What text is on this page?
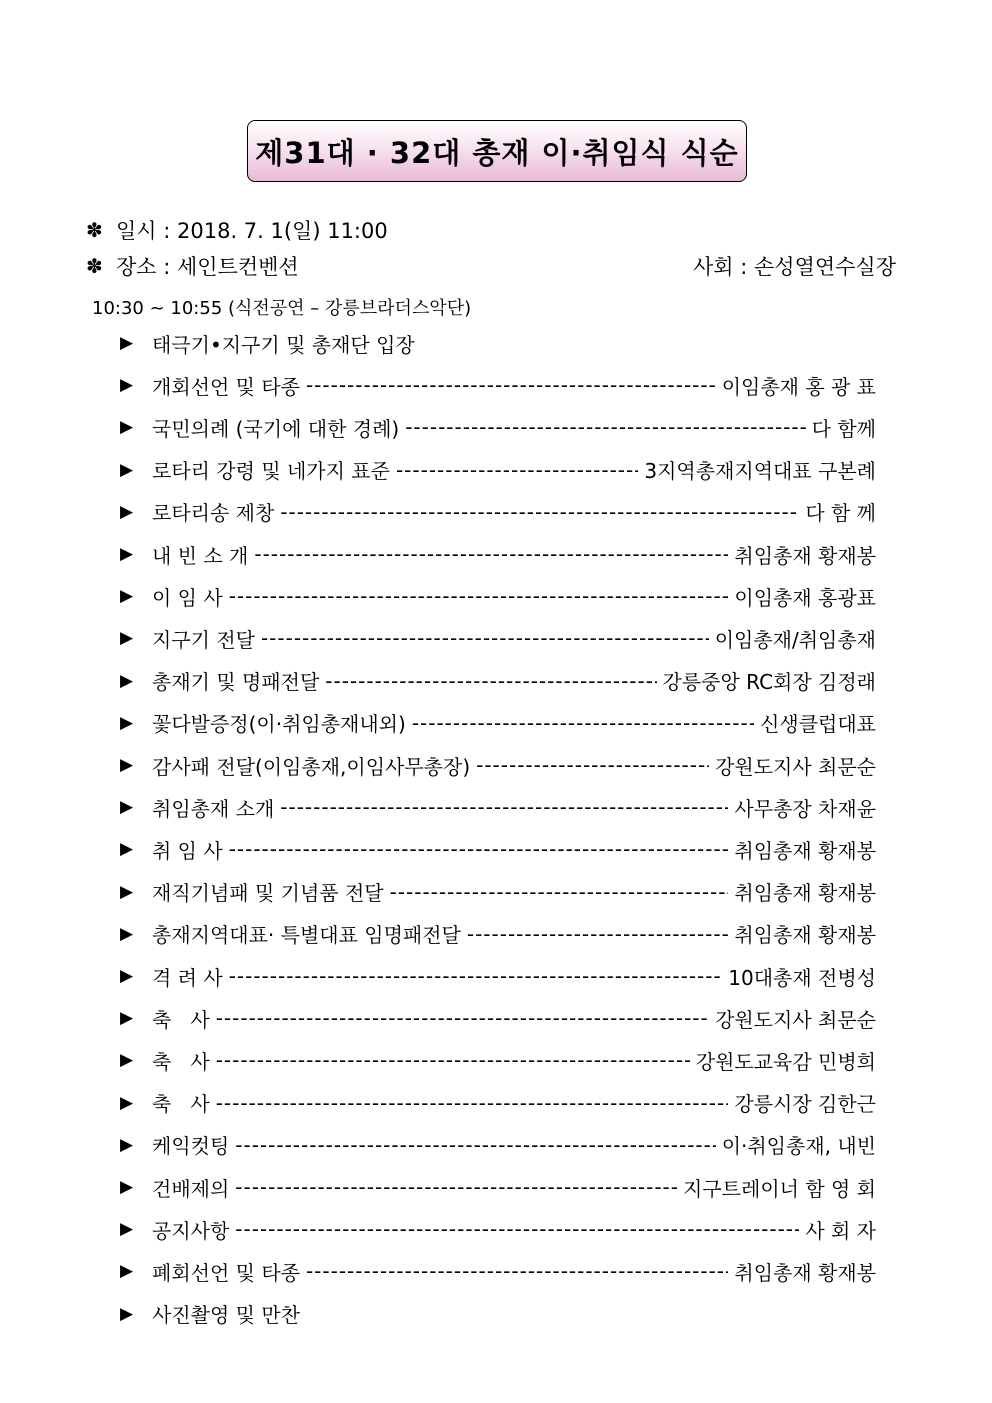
제31대 · 32대 총재 이·취임식 식순
✽ 일시 : 2018. 7. 1(일) 11:00
✽ 장소 : 세인트컨벤션	사회 : 손성열연수실장
10:30 ~ 10:55 (식전공연 – 강릉브라더스악단)
▶ 태극기•지구기 및 총재단 입장
▶ 개회선언 및 타종 -----	이임총재 홍 광 표
▶ 국민의례 (국기에 대한 경례) -----	다 함께
▶ 로타리 강령 및 네가지 표준 -----	3지역총재지역대표 구본례
▶ 로타리송 제창 -----	다 함 께
▶ 내 빈 소 개 -----	취임총재 황재봉
▶ 이 임 사 -----	이임총재 홍광표
▶ 지구기 전달 -----	이임총재/취임총재
▶ 총재기 및 명패전달 -----	강릉중앙 RC회장 김정래
▶ 꽃다발증정(이·취임총재내외) -----	신생클럽대표
▶ 감사패 전달(이임총재,이임사무총장) -----	강원도지사 최문순
▶ 취임총재 소개 -----	사무총장 차재윤
▶ 취 임 사 -----	취임총재 황재봉
▶ 재직기념패 및 기념품 전달 -----	취임총재 황재봉
▶ 총재지역대표· 특별대표 임명패전달 -----	취임총재 황재봉
▶ 격 려 사 -----	10대총재 전병성
▶ 축   사 -----	강원도지사 최문순
▶ 축   사 -----	강원도교육감 민병희
▶ 축   사 -----	강릉시장 김한근
▶ 케익컷팅 -----	이·취임총재, 내빈
▶ 건배제의 -----	지구트레이너 함 영 회
▶ 공지사항 -----	사 회 자
▶ 폐회선언 및 타종 -----	취임총재 황재봉
▶ 사진촬영 및 만찬
